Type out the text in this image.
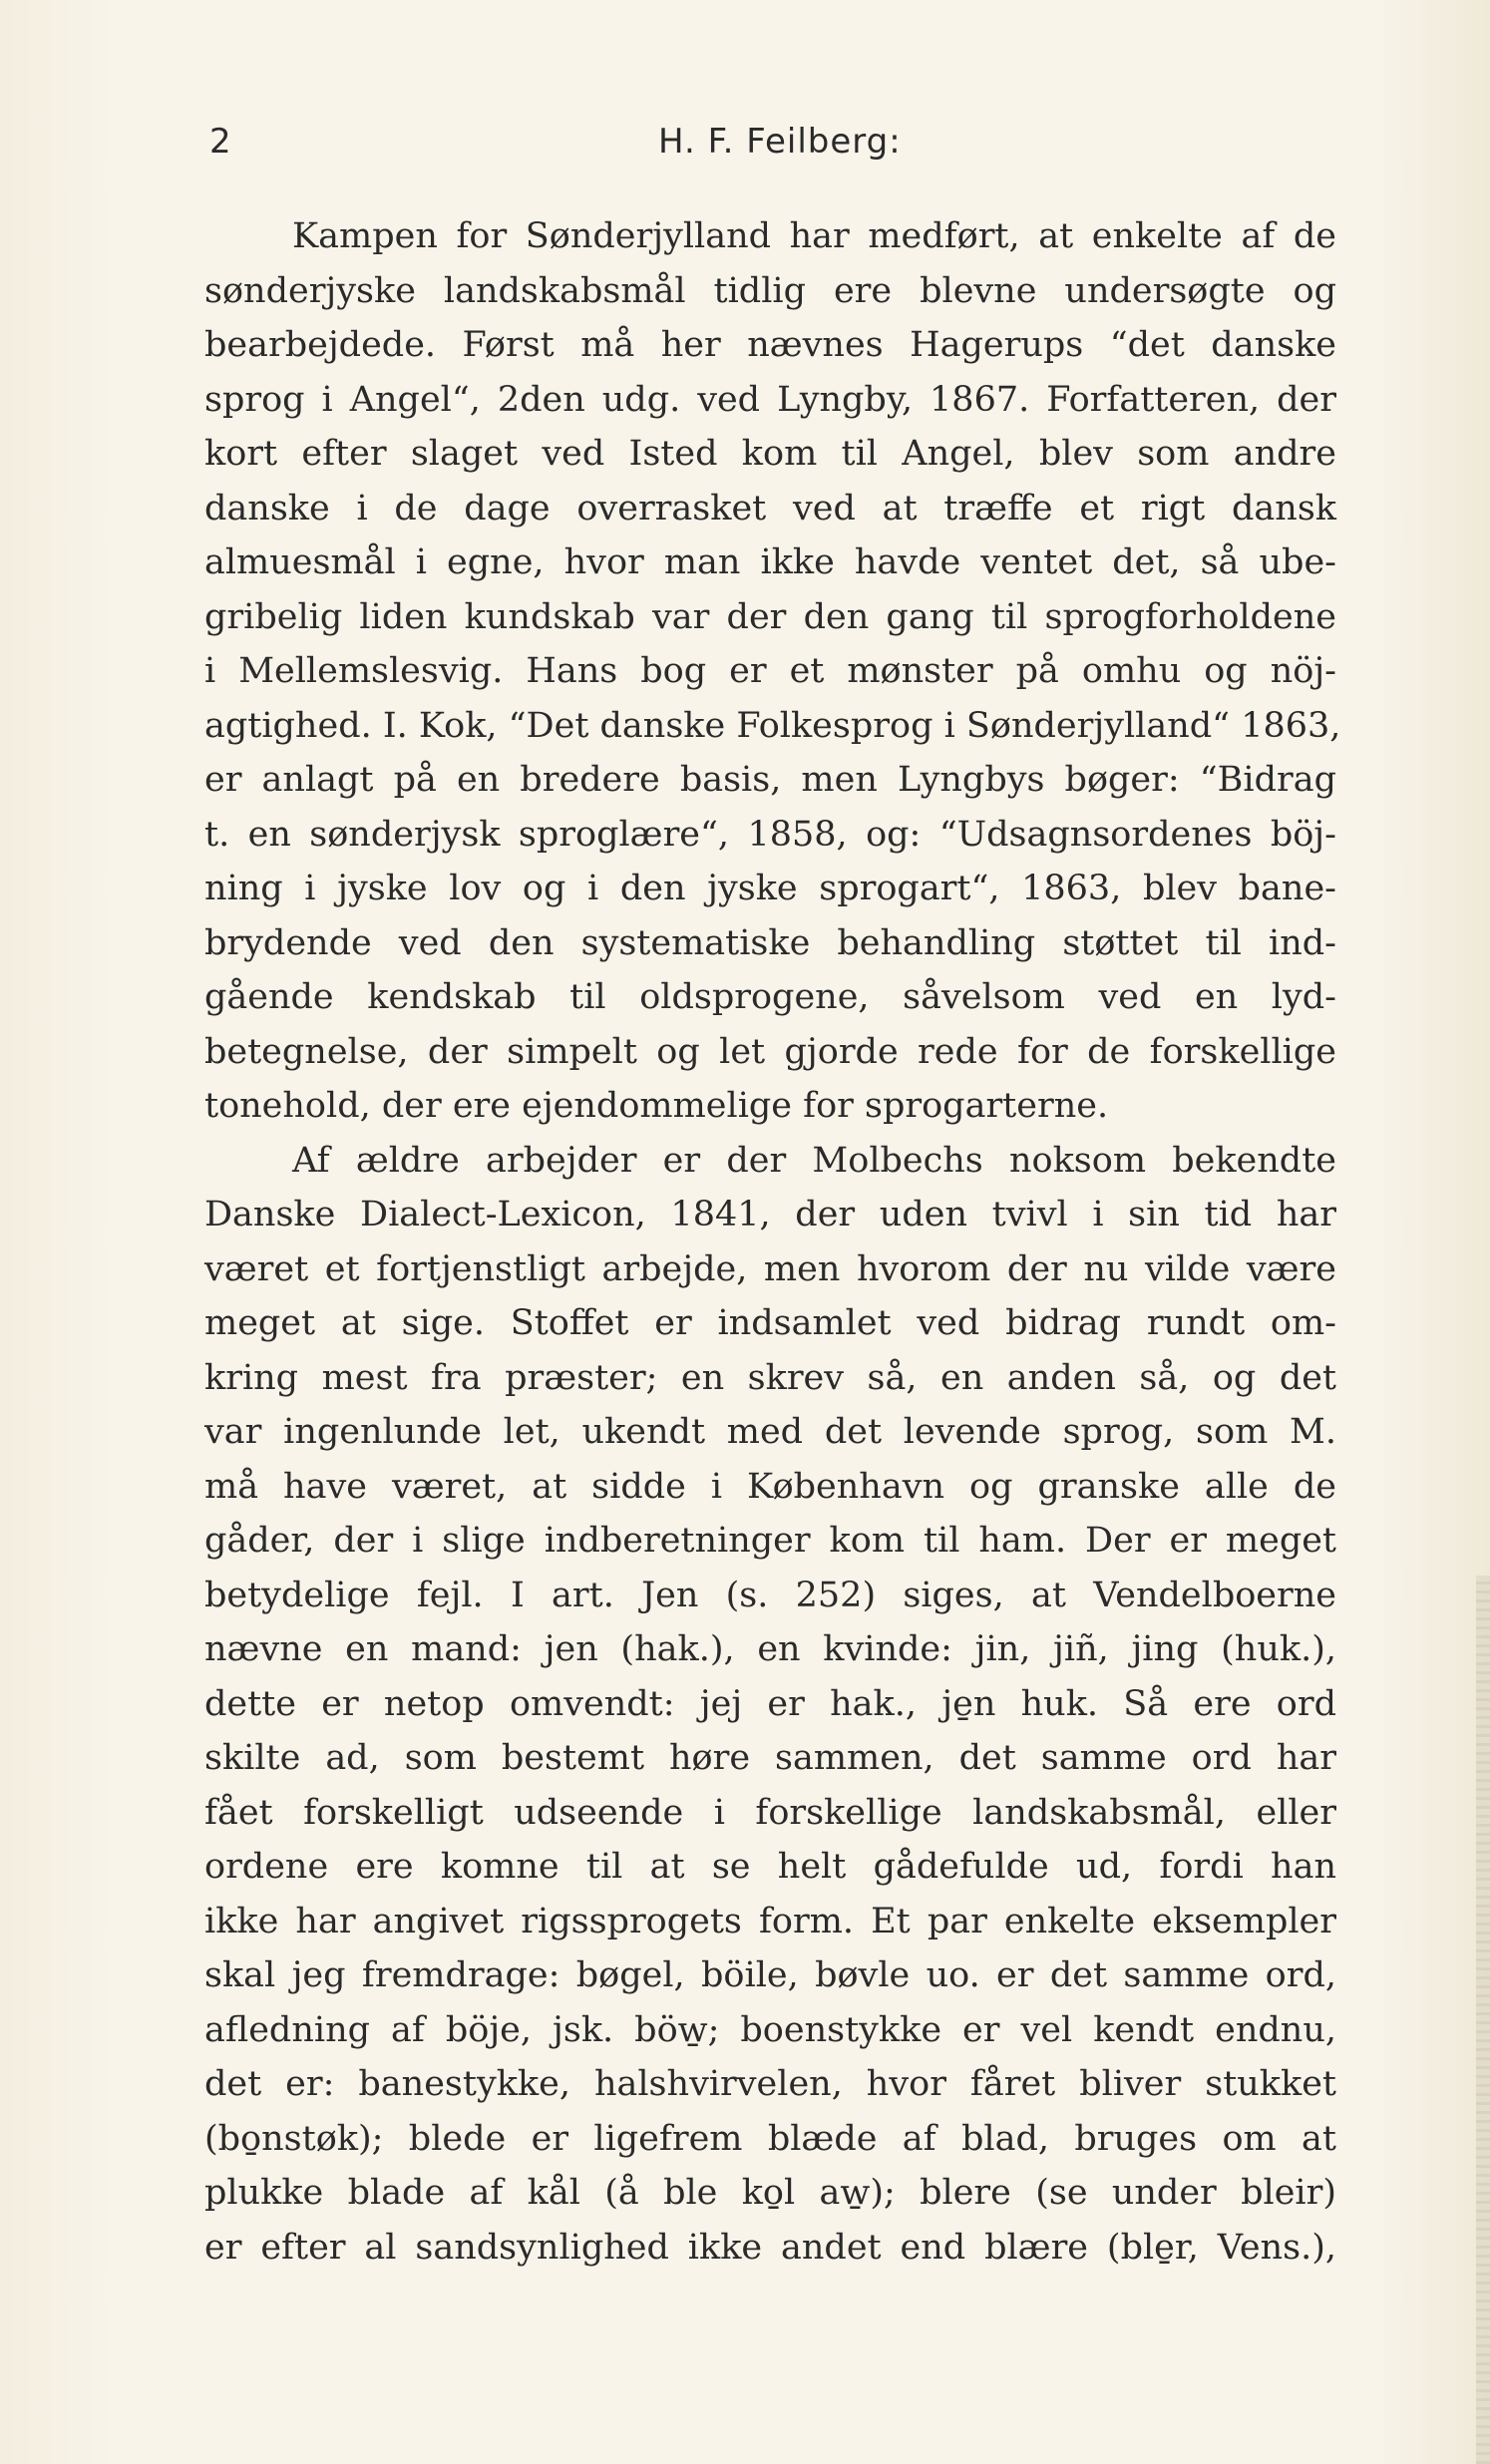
2	H. F. Feilberg:
Kampen for Sønderjylland har medført, at enkelte af de
sønderjyske landskabsmål tidlig ere blevne undersøgte og
bearbejdede. Først må her nævnes Hagerups “det danske
sprog i Angel“, 2den udg. ved Lyngby, 1867. Forfatteren, der
kort efter slaget ved Isted kom til Angel, blev som andre
danske i de dage overrasket ved at træffe et rigt dansk
almuesmål i egne, hvor man ikke havde ventet det, så ube-
gribelig liden kundskab var der den gang til sprogforholdene
i Mellemslesvig. Hans bog er et mønster på omhu og nöj-
agtighed. I. Kok, “Det danske Folkesprog i Sønderjylland“ 1863,
er anlagt på en bredere basis, men Lyngbys bøger: “Bidrag
t. en sønderjysk sproglære“, 1858, og: “Udsagnsordenes böj-
ning i jyske lov og i den jyske sprogart“, 1863, blev bane-
brydende ved den systematiske behandling støttet til ind-
gående kendskab til oldsprogene, såvelsom ved en lyd-
betegnelse, der simpelt og let gjorde rede for de forskellige
tonehold, der ere ejendommelige for sprogarterne.
Af ældre arbejder er der Molbechs noksom bekendte
Danske Dialect-Lexicon, 1841, der uden tvivl i sin tid har
været et fortjenstligt arbejde, men hvorom der nu vilde være
meget at sige. Stoffet er indsamlet ved bidrag rundt om-
kring mest fra præster; en skrev så, en anden så, og det
var ingenlunde let, ukendt med det levende sprog, som M.
må have været, at sidde i København og granske alle de
gåder, der i slige indberetninger kom til ham. Der er meget
betydelige fejl. I art. Jen (s. 252) siges, at Vendelboerne
nævne en mand: jen (hak.), en kvinde: jin, jiñ, jing (huk.),
dette er netop omvendt: jej er hak., je̱n huk. Så ere ord
skilte ad, som bestemt høre sammen, det samme ord har
fået forskelligt udseende i forskellige landskabsmål, eller
ordene ere komne til at se helt gådefulde ud, fordi han
ikke har angivet rigssprogets form. Et par enkelte eksempler
skal jeg fremdrage: bøgel, böile, bøvle uo. er det samme ord,
afledning af böje, jsk. böw̱; boenstykke er vel kendt endnu,
det er: banestykke, halshvirvelen, hvor fåret bliver stukket
(bo̱nstøk); blede er ligefrem blæde af blad, bruges om at
plukke blade af kål (å ble ko̱l aw̱); blere (se under bleir)
er efter al sandsynlighed ikke andet end blære (ble̱r, Vens.),
